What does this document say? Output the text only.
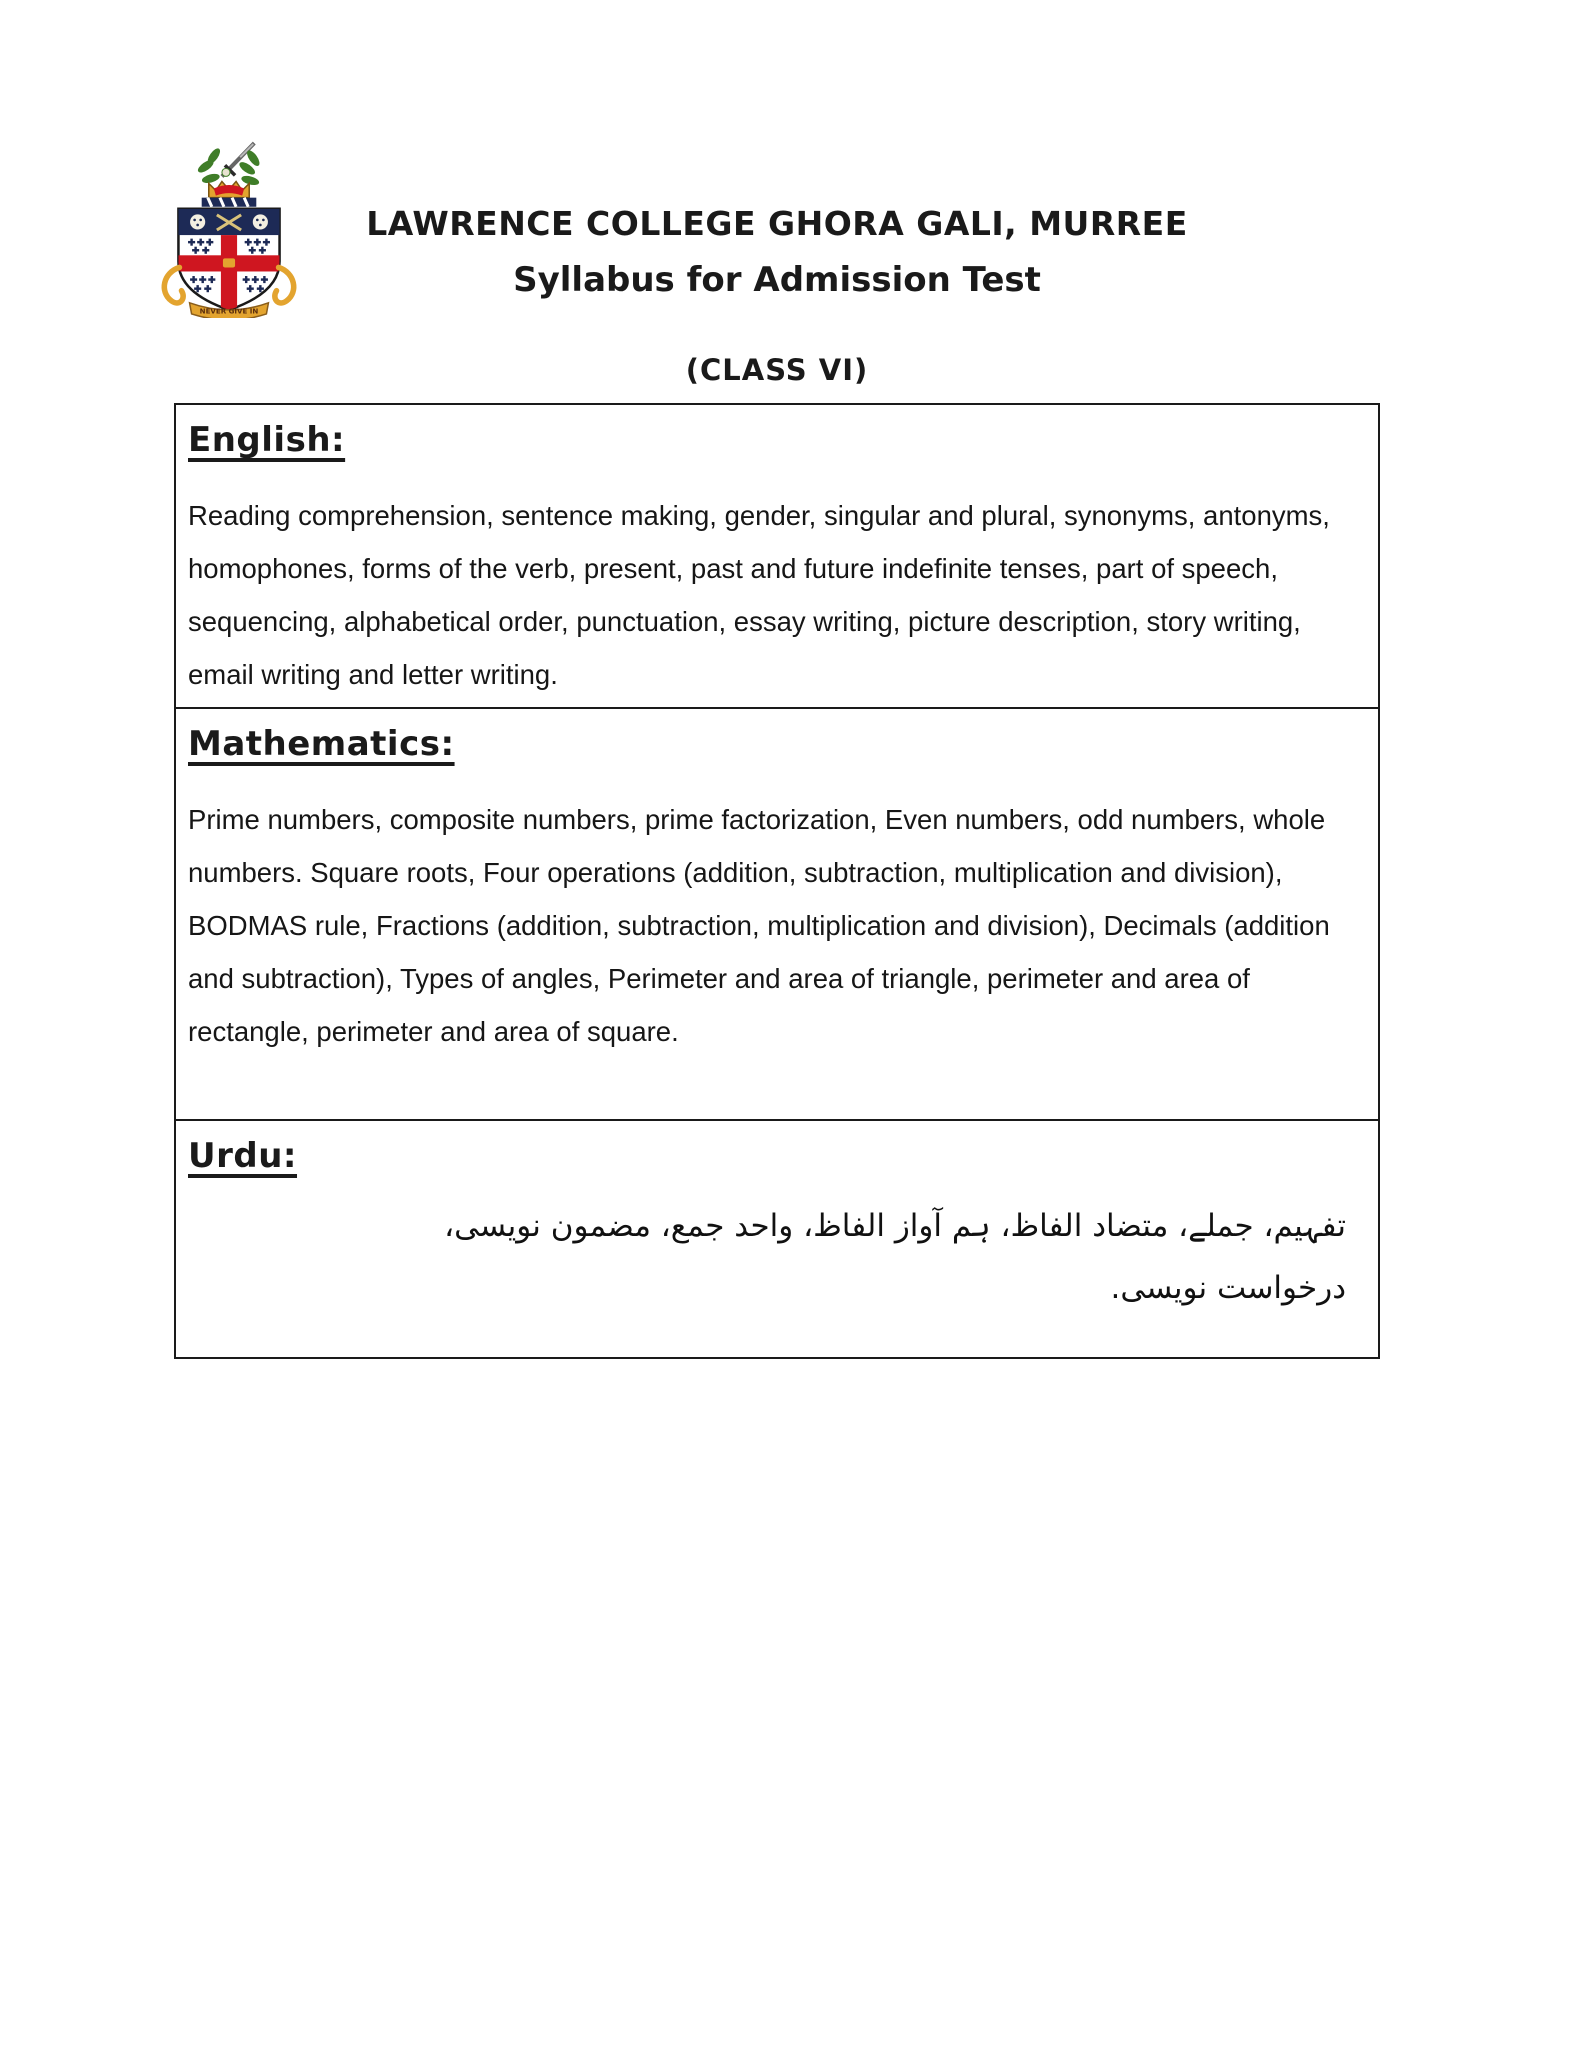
NEVER GIVE IN
LAWRENCE COLLEGE GHORA GALI, MURREE
Syllabus for Admission Test
(CLASS VI)
English:

Reading comprehension, sentence making, gender, singular and plural, synonyms, antonyms, homophones, forms of the verb, present, past and future indefinite tenses, part of speech, sequencing, alphabetical order, punctuation, essay writing, picture description, story writing, email writing and letter writing.

Mathematics:

Prime numbers, composite numbers, prime factorization, Even numbers, odd numbers, whole numbers. Square roots, Four operations (addition, subtraction, multiplication and division), BODMAS rule, Fractions (addition, subtraction, multiplication and division), Decimals (addition and subtraction), Types of angles, Perimeter and area of triangle, perimeter and area of rectangle, perimeter and area of square.

Urdu:
تفہیم، جملے، متضاد الفاظ، ہم آواز الفاظ، واحد جمع، مضمون نویسی،
درخواست نویسی.
